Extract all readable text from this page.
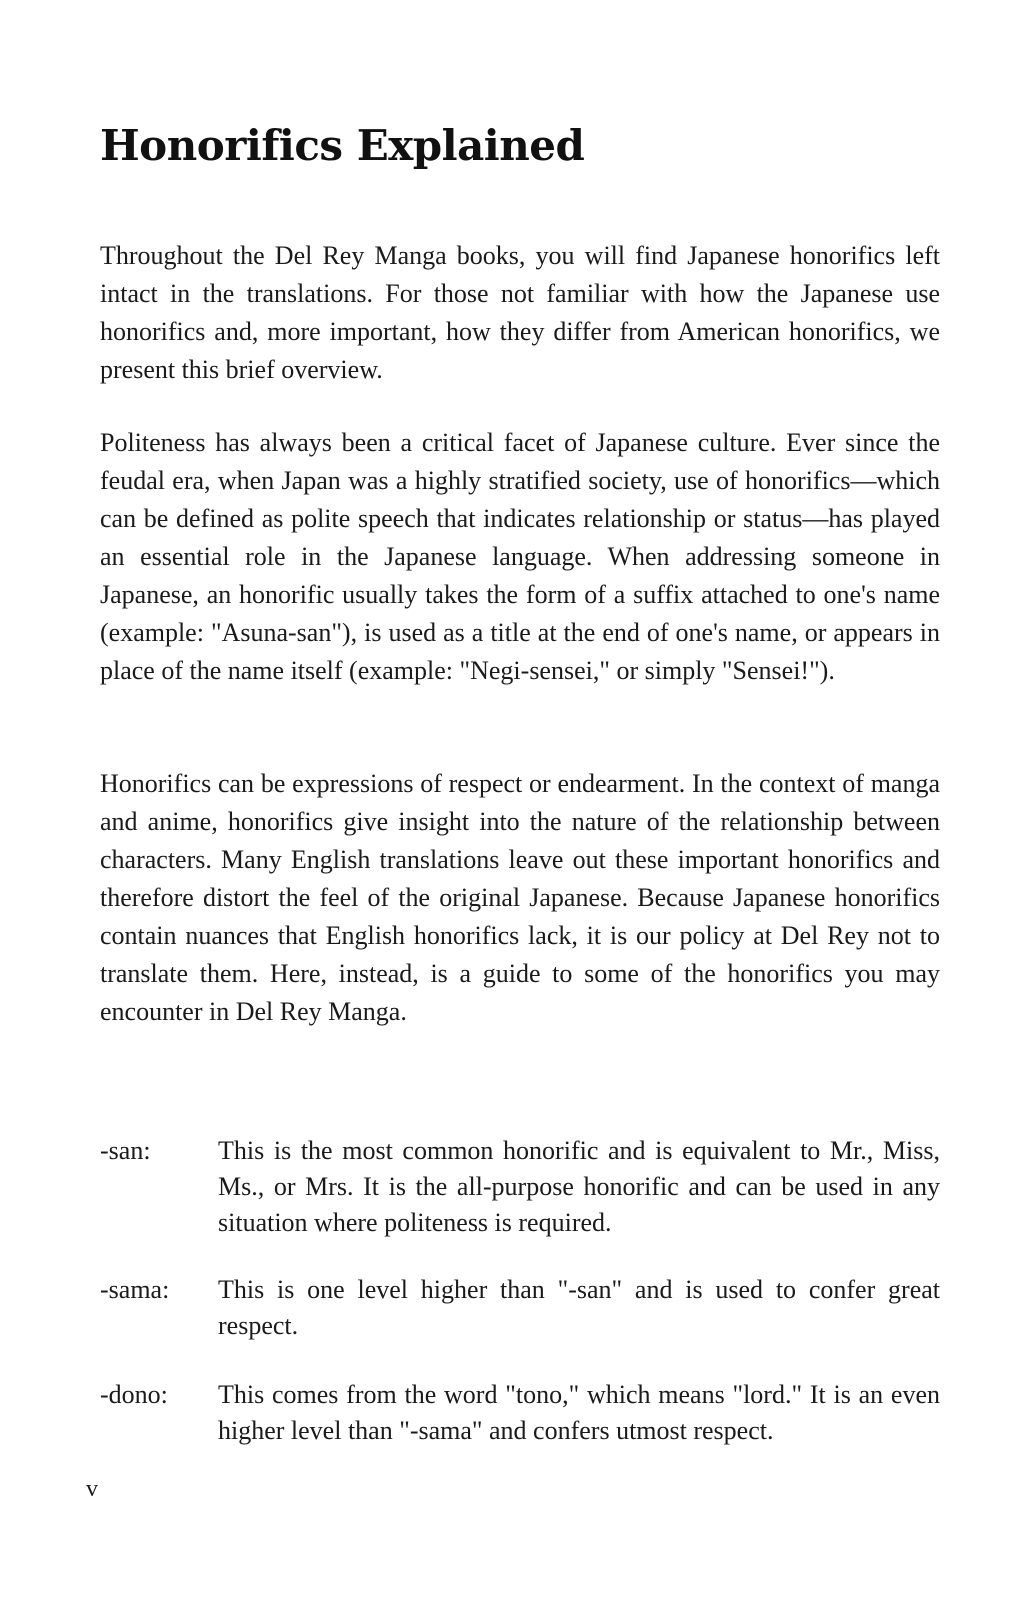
Honorifics Explained

Throughout the Del Rey Manga books, you will find Japanese honorifics left intact in the translations. For those not familiar with how the Japanese use honorifics and, more important, how they differ from American honorifics, we present this brief overview.

Politeness has always been a critical facet of Japanese culture. Ever since the feudal era, when Japan was a highly stratified society, use of honorifics—which can be defined as polite speech that indicates relationship or status—has played an essential role in the Japanese language. When addressing someone in Japanese, an honorific usually takes the form of a suffix attached to one's name (example: "Asuna-san"), is used as a title at the end of one's name, or appears in place of the name itself (example: "Negi-sensei," or simply "Sensei!").

Honorifics can be expressions of respect or endearment. In the context of manga and anime, honorifics give insight into the nature of the relationship between characters. Many English translations leave out these important honorifics and therefore distort the feel of the original Japanese. Because Japanese honorifics contain nuances that English honorifics lack, it is our policy at Del Rey not to translate them. Here, instead, is a guide to some of the honorifics you may encounter in Del Rey Manga.

-san:	This is the most common honorific and is equivalent to Mr., Miss, Ms., or Mrs. It is the all-purpose honorific and can be used in any situation where politeness is required.

-sama: This is one level higher than "-san" and is used to confer great respect.

-dono: This comes from the word "tono," which means "lord." It is an even higher level than "-sama" and confers utmost respect.

v
